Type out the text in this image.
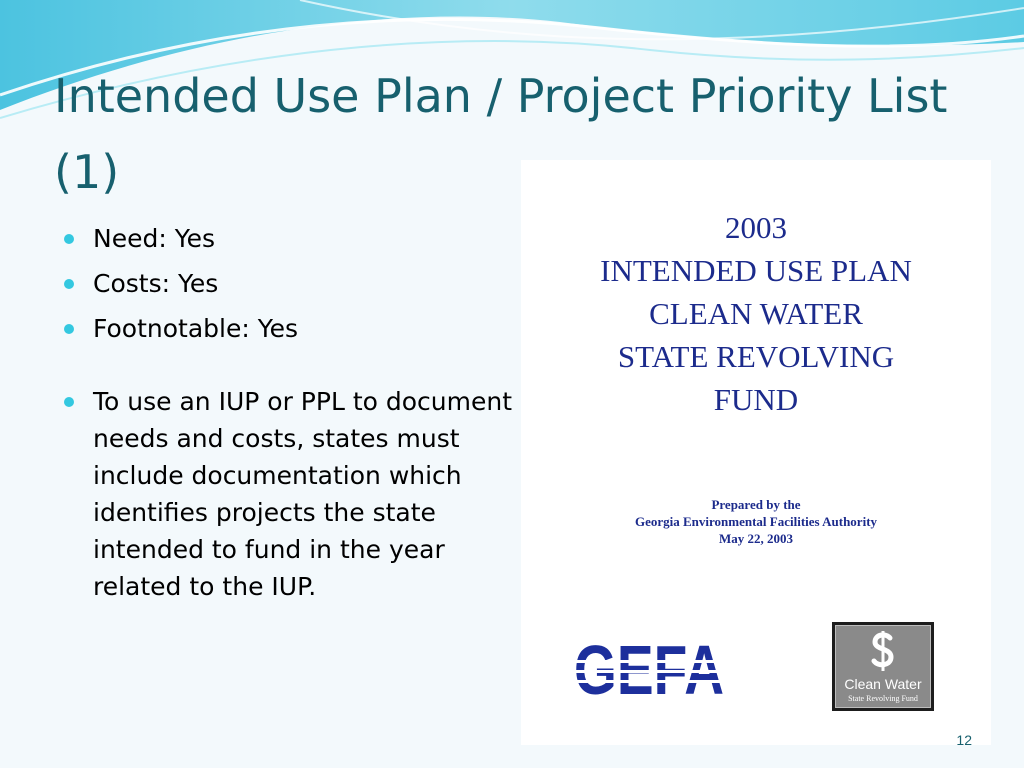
Intended Use Plan / Project Priority List (1)
Need: Yes
Costs: Yes
Footnotable: Yes
To use an IUP or PPL to document needs and costs, states must include documentation which identifies projects the state intended to fund in the year related to the IUP.
2003
INTENDED USE PLAN
CLEAN WATER
STATE REVOLVING
FUND
Prepared by the
Georgia Environmental Facilities Authority
May 22, 2003
Clean Water
State Revolving Fund
12
